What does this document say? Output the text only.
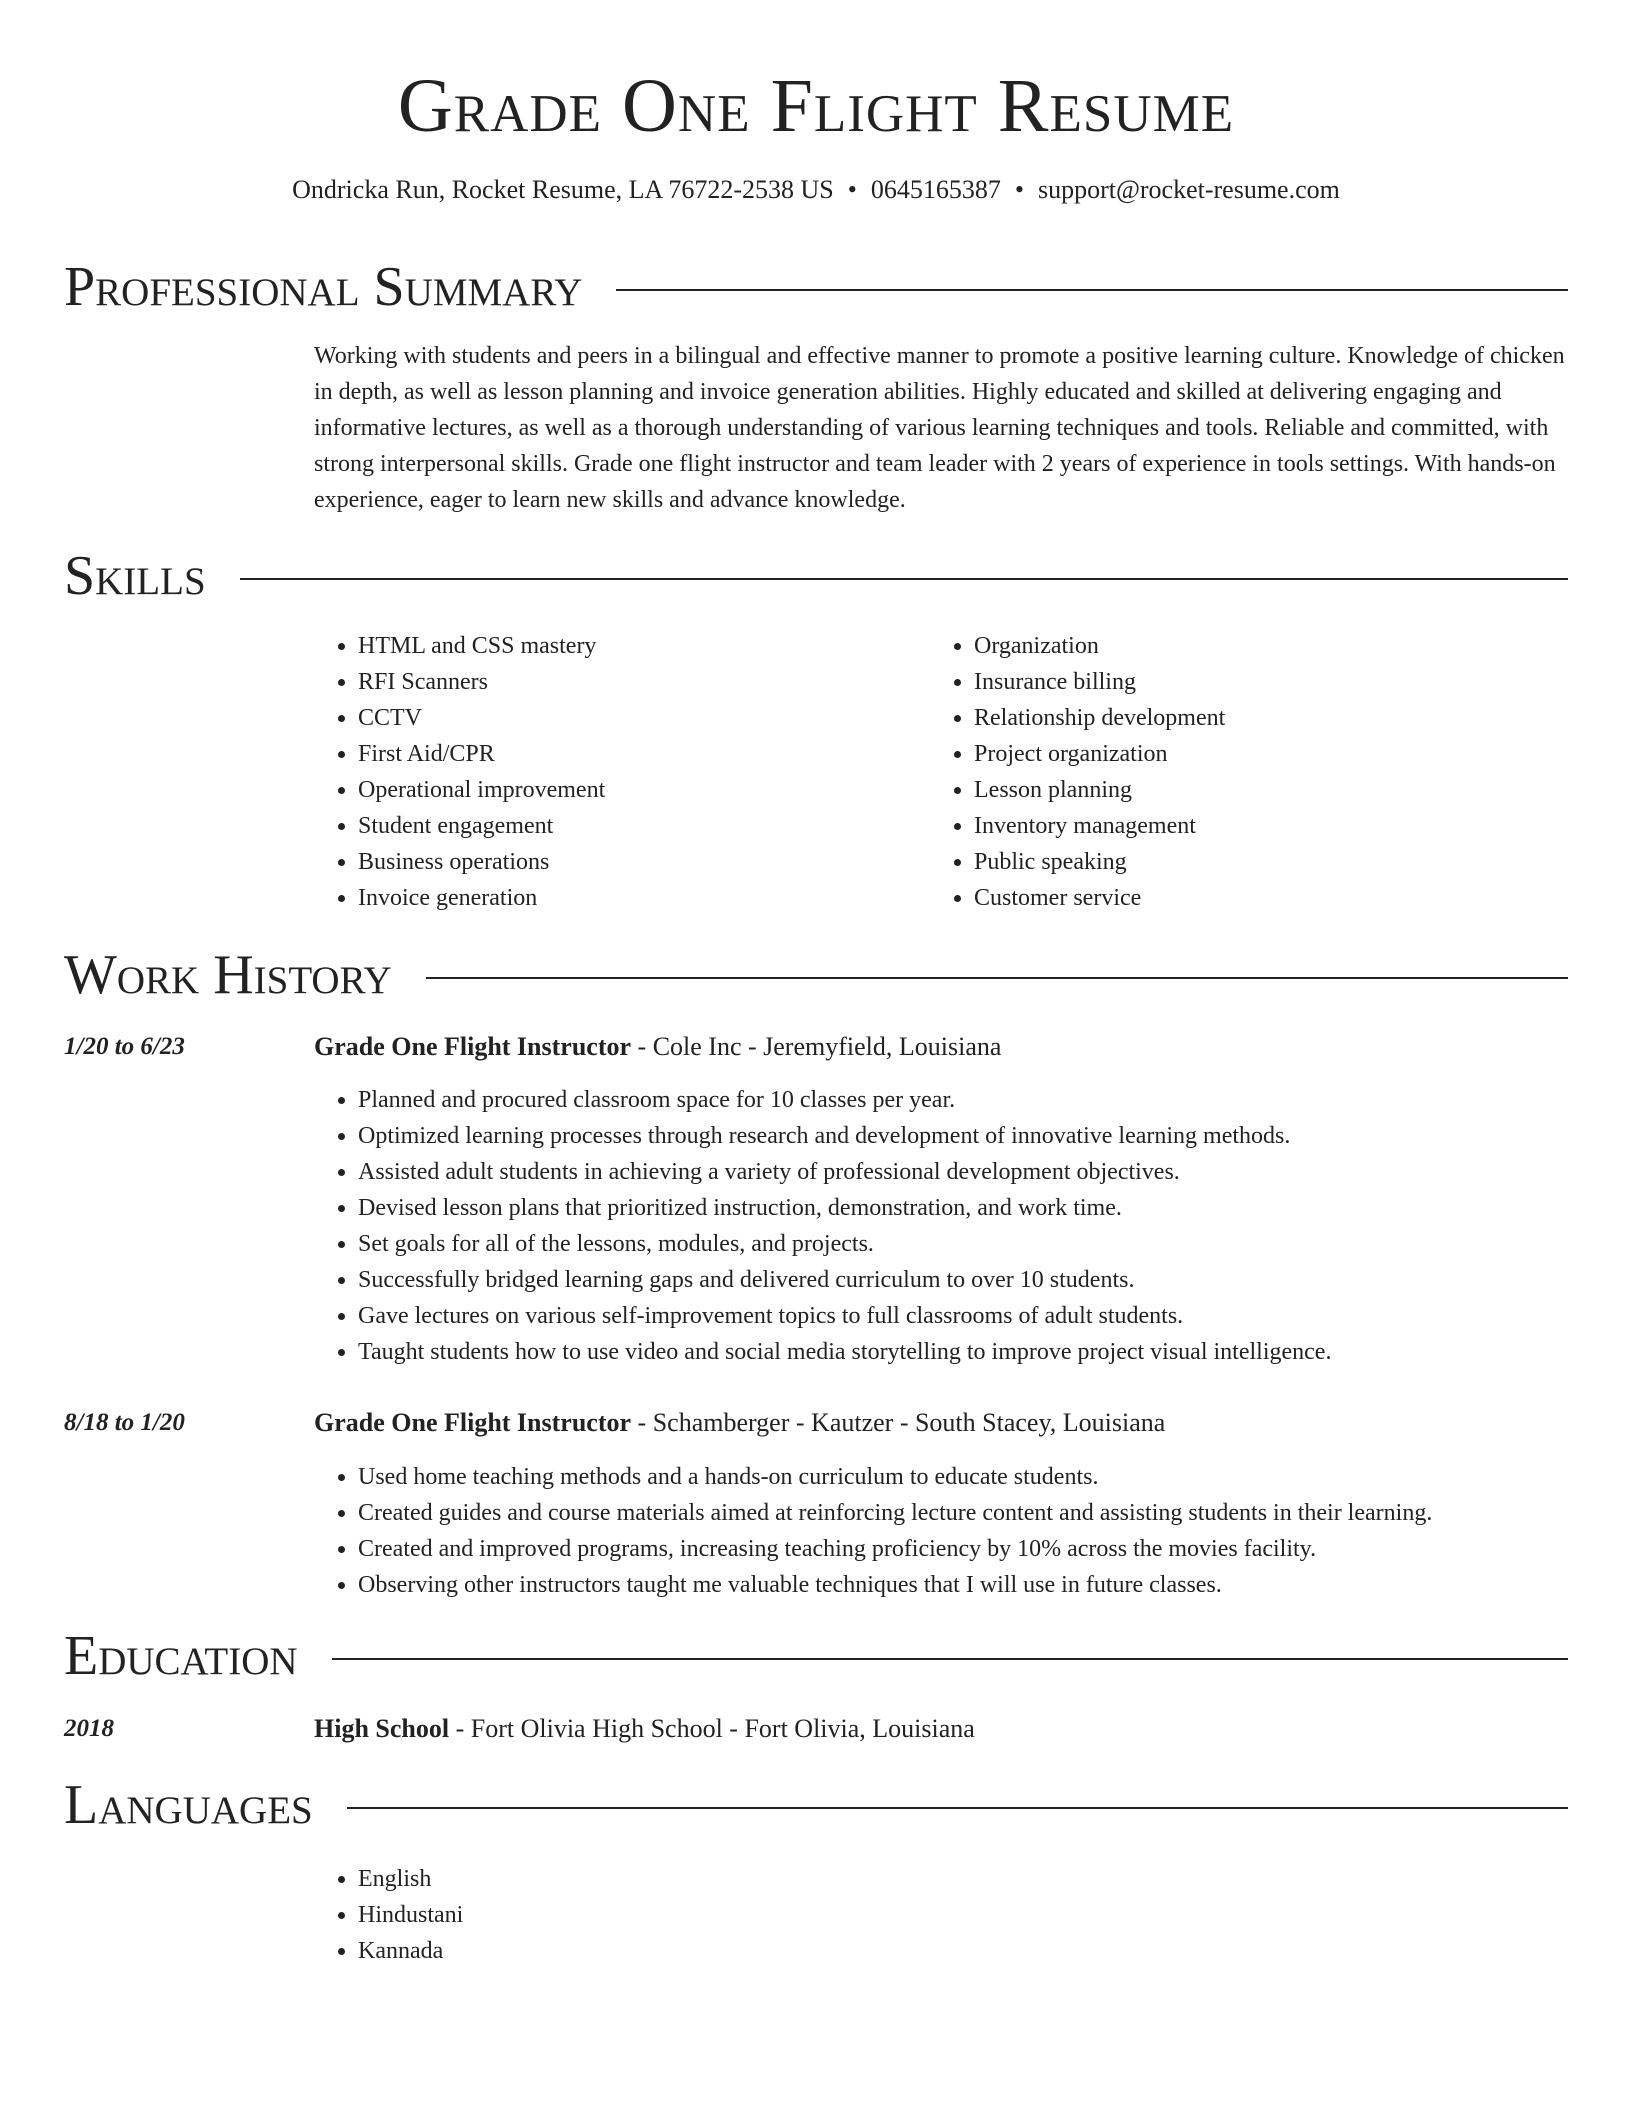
Grade One Flight Resume
Ondricka Run, Rocket Resume, LA 76722-2538 US • 0645165387 • support@rocket-resume.com
Professional Summary

Working with students and peers in a bilingual and effective manner to promote a positive learning culture. Knowledge of chicken in depth, as well as lesson planning and invoice generation abilities. Highly educated and skilled at delivering engaging and informative lectures, as well as a thorough understanding of various learning techniques and tools. Reliable and committed, with strong interpersonal skills. Grade one flight instructor and team leader with 2 years of experience in tools settings. With hands-on experience, eager to learn new skills and advance knowledge.

Skills
• HTML and CSS mastery
• RFI Scanners
• CCTV
• First Aid/CPR
• Operational improvement
• Student engagement
• Business operations
• Invoice generation
• Organization
• Insurance billing
• Relationship development
• Project organization
• Lesson planning
• Inventory management
• Public speaking
• Customer service
Work History
1/20 to 6/23	Grade One Flight Instructor - Cole Inc - Jeremyfield, Louisiana
• Planned and procured classroom space for 10 classes per year.
• Optimized learning processes through research and development of innovative learning methods.
• Assisted adult students in achieving a variety of professional development objectives.
• Devised lesson plans that prioritized instruction, demonstration, and work time.
• Set goals for all of the lessons, modules, and projects.
• Successfully bridged learning gaps and delivered curriculum to over 10 students.
• Gave lectures on various self-improvement topics to full classrooms of adult students.
• Taught students how to use video and social media storytelling to improve project visual intelligence.
8/18 to 1/20	Grade One Flight Instructor - Schamberger - Kautzer - South Stacey, Louisiana
• Used home teaching methods and a hands-on curriculum to educate students.
• Created guides and course materials aimed at reinforcing lecture content and assisting students in their learning.
• Created and improved programs, increasing teaching proficiency by 10% across the movies facility.
• Observing other instructors taught me valuable techniques that I will use in future classes.
Education
2018	High School - Fort Olivia High School - Fort Olivia, Louisiana
Languages
• English
• Hindustani
• Kannada
